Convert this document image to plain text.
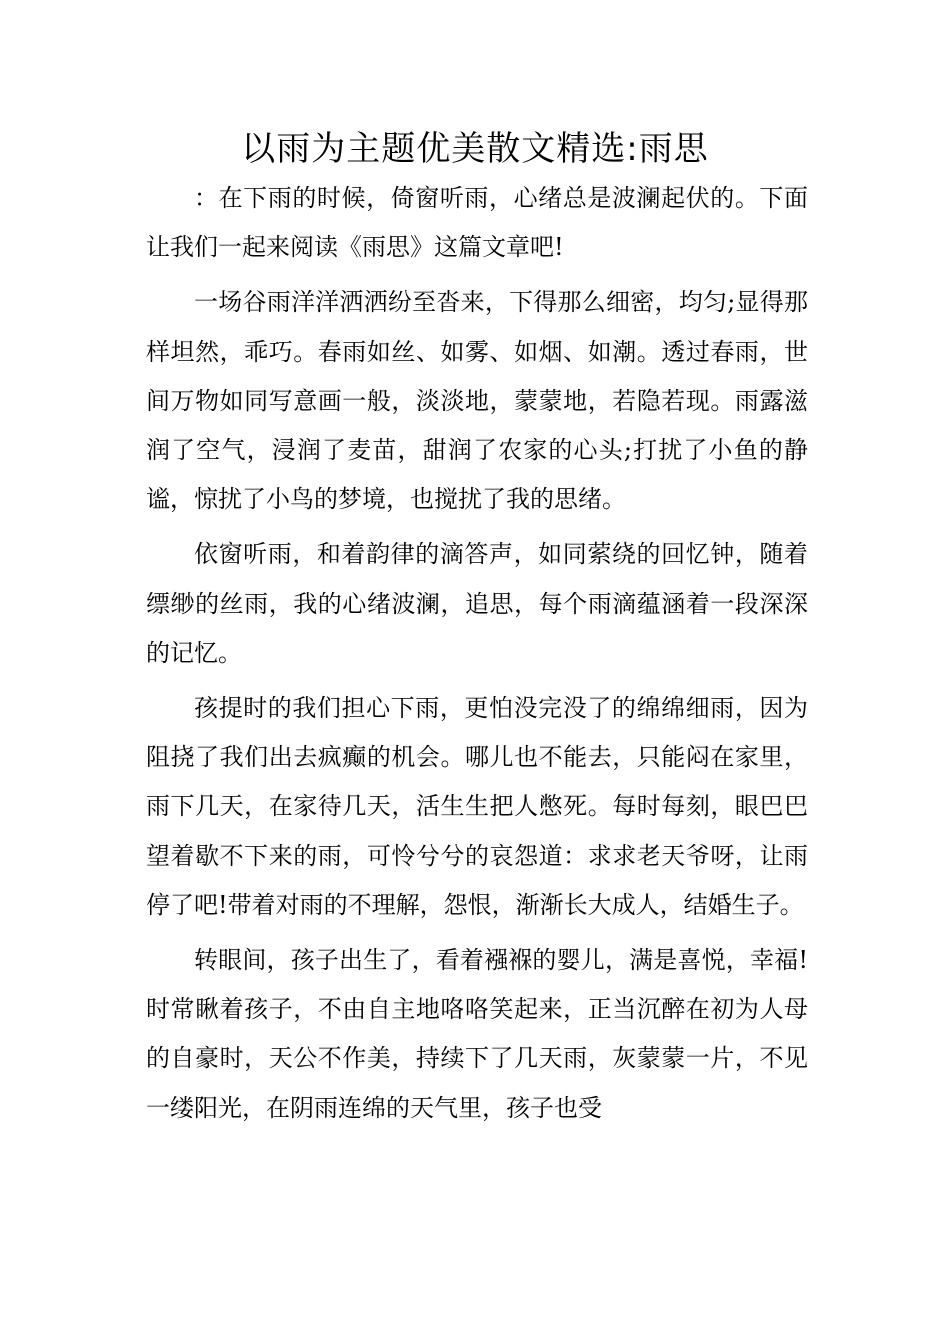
以雨为主题优美散文精选:雨思

：在下雨的时候，倚窗听雨，心绪总是波澜起伏的。下面让我们一起来阅读《雨思》这篇文章吧!

一场谷雨洋洋洒洒纷至沓来，下得那么细密，均匀;显得那样坦然，乖巧。春雨如丝、如雾、如烟、如潮。透过春雨，世间万物如同写意画一般，淡淡地，蒙蒙地，若隐若现。雨露滋润了空气，浸润了麦苗，甜润了农家的心头;打扰了小鱼的静谧，惊扰了小鸟的梦境，也搅扰了我的思绪。

依窗听雨，和着韵律的滴答声，如同萦绕的回忆钟，随着缥缈的丝雨，我的心绪波澜，追思，每个雨滴蕴涵着一段深深的记忆。

孩提时的我们担心下雨，更怕没完没了的绵绵细雨，因为阻挠了我们出去疯癫的机会。哪儿也不能去，只能闷在家里，雨下几天，在家待几天，活生生把人憋死。每时每刻，眼巴巴望着歇不下来的雨，可怜兮兮的哀怨道：求求老天爷呀，让雨停了吧!带着对雨的不理解，怨恨，渐渐长大成人，结婚生子。

转眼间，孩子出生了，看着襁褓的婴儿，满是喜悦，幸福!时常瞅着孩子，不由自主地咯咯笑起来，正当沉醉在初为人母的自豪时，天公不作美，持续下了几天雨，灰蒙蒙一片，不见一缕阳光，在阴雨连绵的天气里，孩子也受
